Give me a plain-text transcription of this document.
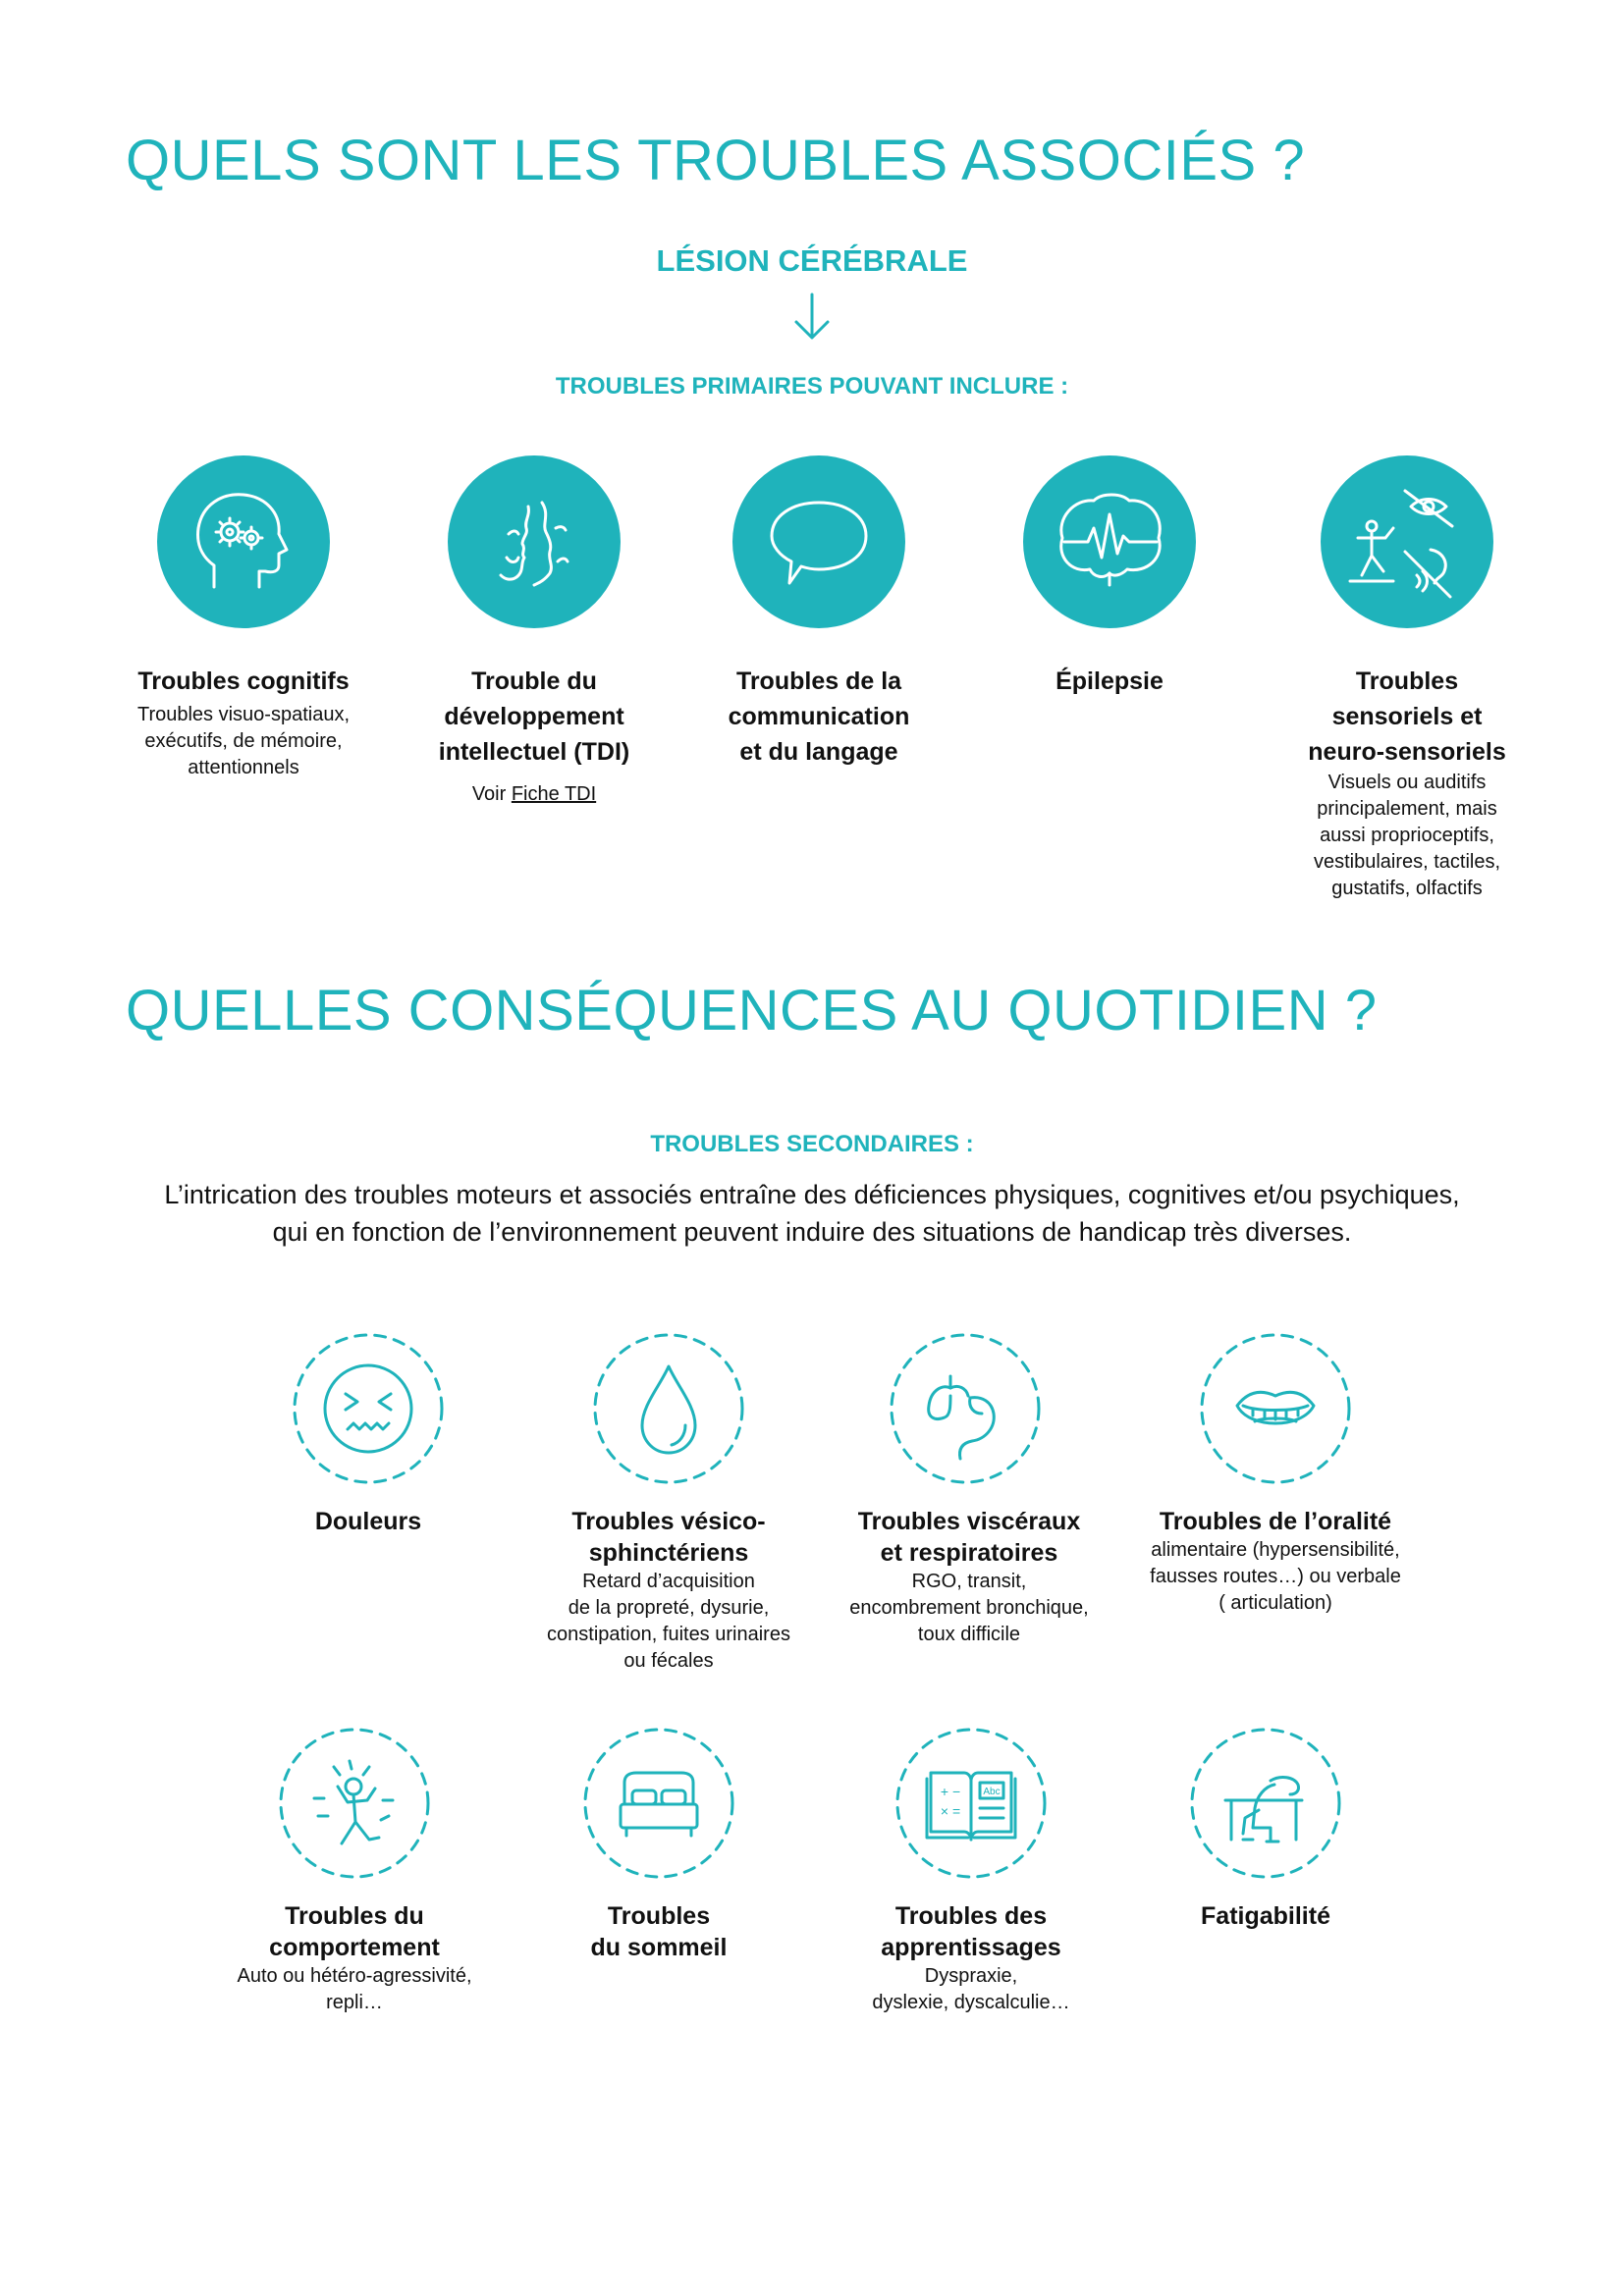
QUELS SONT LES TROUBLES ASSOCIÉS ?
LÉSION CÉRÉBRALE
TROUBLES PRIMAIRES POUVANT INCLURE :
Troubles cognitifs
Troubles visuo-spatiaux,
exécutifs, de mémoire,
attentionnels
Trouble du
développement
intellectuel (TDI)
Voir Fiche TDI
Troubles de la
communication
et du langage
Épilepsie	Troubles
sensoriels et
neuro-sensoriels
Visuels ou auditifs
principalement, mais
aussi proprioceptifs,
vestibulaires, tactiles,
gustatifs, olfactifs
QUELLES CONSÉQUENCES AU QUOTIDIEN ?
TROUBLES SECONDAIRES :
L’intrication des troubles moteurs et associés entraîne des déficiences physiques, cognitives et/ou psychiques,
qui en fonction de l’environnement peuvent induire des situations de handicap très diverses.
Douleurs	Troubles vésico-
sphinctériens
Retard d’acquisition
de la propreté, dysurie,
constipation, fuites urinaires
ou fécales
Troubles viscéraux
et respiratoires
RGO, transit,
encombrement bronchique,
toux difficile
Troubles de l’oralité
alimentaire (hypersensibilité,
fausses routes…) ou verbale
( articulation)
+ −
× =
Abc
Troubles du
comportement
Auto ou hétéro-agressivité,
repli…
Troubles
du sommeil
Troubles des
apprentissages
Dyspraxie,
dyslexie, dyscalculie…
Fatigabilité
